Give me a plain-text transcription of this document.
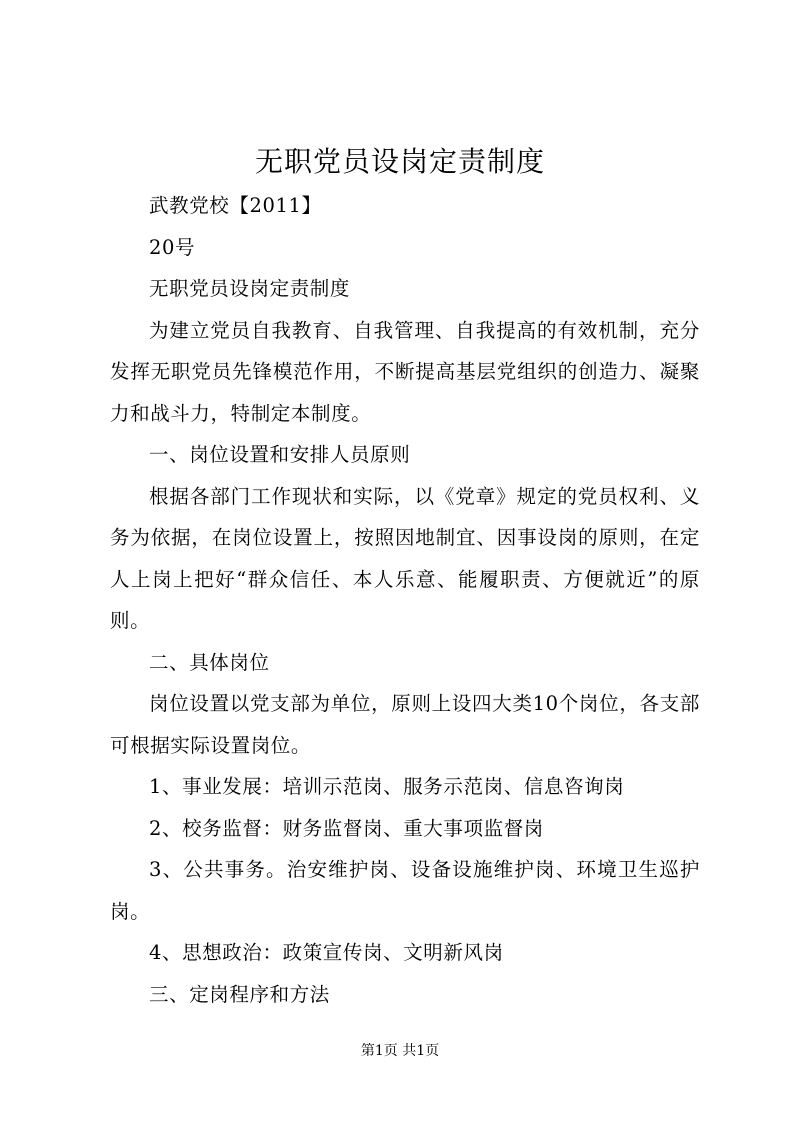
无职党员设岗定责制度

武教党校【2011】

20号

无职党员设岗定责制度

为建立党员自我教育、自我管理、自我提高的有效机制，充分发挥无职党员先锋模范作用，不断提高基层党组织的创造力、凝聚力和战斗力，特制定本制度。

一、岗位设置和安排人员原则

根据各部门工作现状和实际，以《党章》规定的党员权利、义务为依据，在岗位设置上，按照因地制宜、因事设岗的原则，在定人上岗上把好“群众信任、本人乐意、能履职责、方便就近”的原则。

二、具体岗位

岗位设置以党支部为单位，原则上设四大类10个岗位，各支部可根据实际设置岗位。

1、事业发展：培训示范岗、服务示范岗、信息咨询岗

2、校务监督：财务监督岗、重大事项监督岗

3、公共事务。治安维护岗、设备设施维护岗、环境卫生巡护岗。

4、思想政治：政策宣传岗、文明新风岗

三、定岗程序和方法

第1页 共1页
